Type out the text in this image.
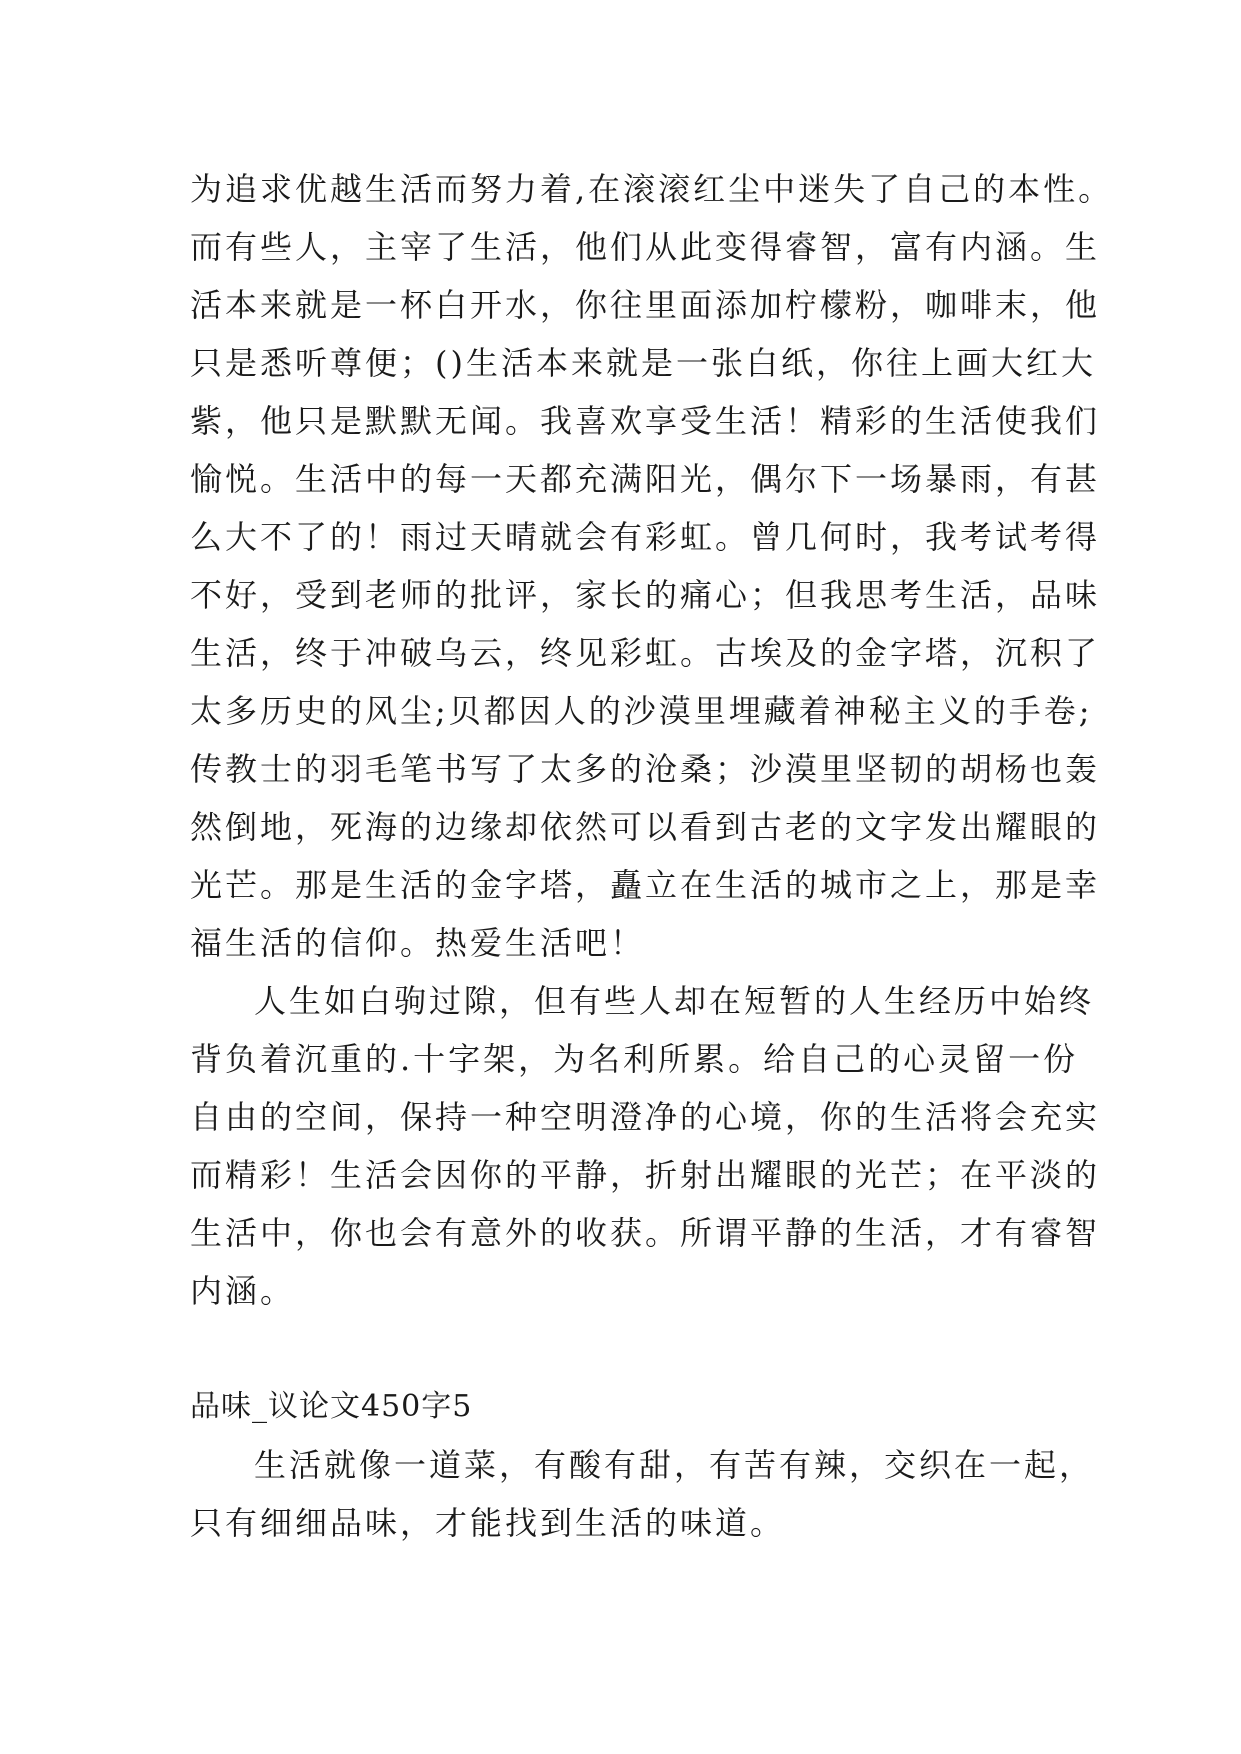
为追求优越生活而努力着,在滚滚红尘中迷失了自己的本性。
而有些人，主宰了生活，他们从此变得睿智，富有内涵。生
活本来就是一杯白开水，你往里面添加柠檬粉，咖啡末，他
只是悉听尊便；()生活本来就是一张白纸，你往上画大红大
紫，他只是默默无闻。我喜欢享受生活！精彩的生活使我们
愉悦。生活中的每一天都充满阳光，偶尔下一场暴雨，有甚
么大不了的！雨过天晴就会有彩虹。曾几何时，我考试考得
不好，受到老师的批评，家长的痛心；但我思考生活，品味
生活，终于冲破乌云，终见彩虹。古埃及的金字塔，沉积了
太多历史的风尘;贝都因人的沙漠里埋藏着神秘主义的手卷;
传教士的羽毛笔书写了太多的沧桑；沙漠里坚韧的胡杨也轰
然倒地，死海的边缘却依然可以看到古老的文字发出耀眼的
光芒。那是生活的金字塔，矗立在生活的城市之上，那是幸
福生活的信仰。热爱生活吧！
人生如白驹过隙，但有些人却在短暂的人生经历中始终
背负着沉重的.十字架，为名利所累。给自己的心灵留一份
自由的空间，保持一种空明澄净的心境，你的生活将会充实
而精彩！生活会因你的平静，折射出耀眼的光芒；在平淡的
生活中，你也会有意外的收获。所谓平静的生活，才有睿智
内涵。
品味_议论文450字5
生活就像一道菜，有酸有甜，有苦有辣，交织在一起，
只有细细品味，才能找到生活的味道。
